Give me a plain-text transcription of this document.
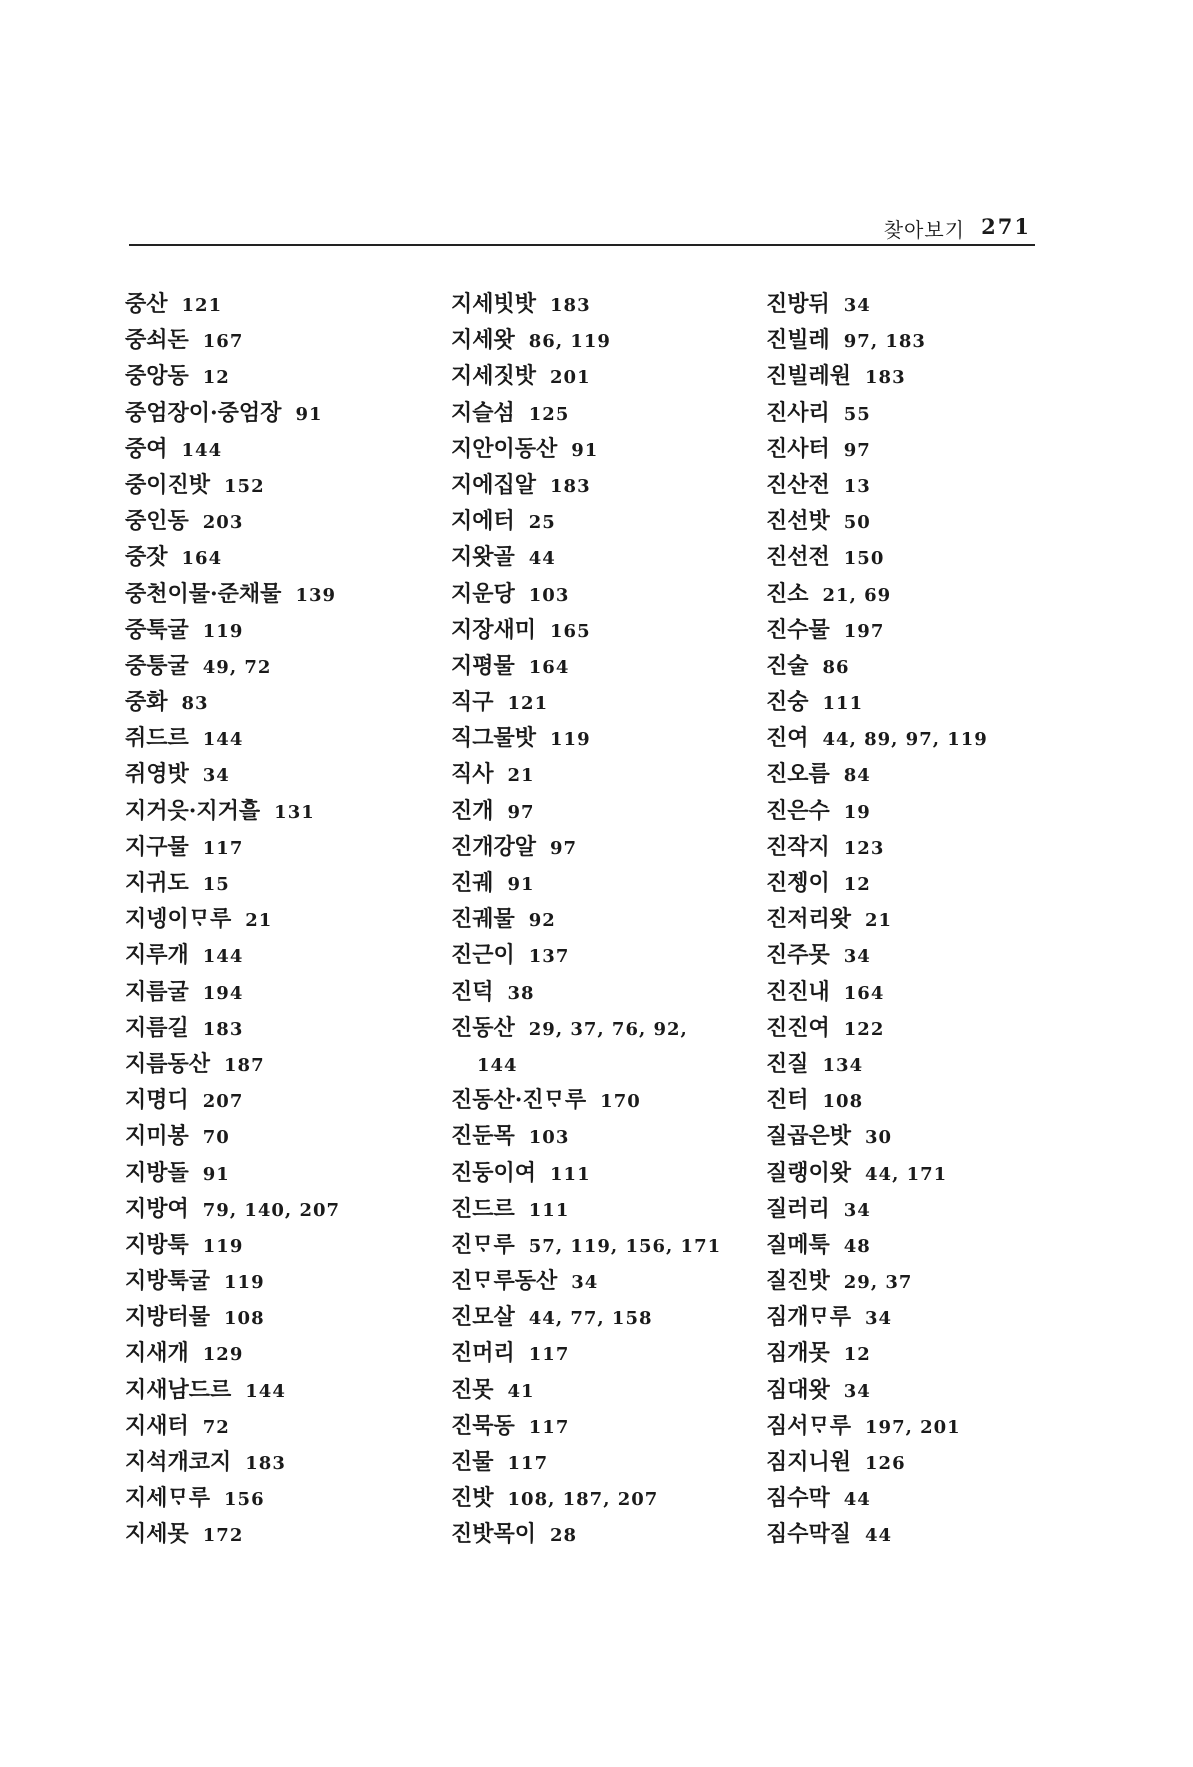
찾아보기 271
중산 121
중쇠돈 167
중앙동 12
중엄장이·중엄장 91
중여 144
중이진밧 152
중인동 203
중잣 164
중천이물·준채물 139
중툭굴 119
중퉁굴 49, 72
중화 83
쥐드르 144
쥐영밧 34
지거읏·지거흘 131
지구물 117
지귀도 15
지넹이ᄆᆞ루 21
지루개 144
지름굴 194
지름길 183
지름동산 187
지명디 207
지미봉 70
지방돌 91
지방여 79, 140, 207
지방툭 119
지방툭굴 119
지방터물 108
지새개 129
지새남드르 144
지새터 72
지석개코지 183
지세ᄆᆞ루 156
지세못 172
지세빗밧 183
지세왓 86, 119
지세짓밧 201
지슬섬 125
지안이동산 91
지에집알 183
지에터 25
지왓골 44
지운당 103
지장새미 165
지평물 164
직구 121
직그물밧 119
직사 21
진개 97
진개강알 97
진궤 91
진궤물 92
진근이 137
진덕 38
진동산 29, 37, 76, 92,
144
진동산·진ᄆᆞ루 170
진둔목 103
진둥이여 111
진드르 111
진ᄆᆞ루 57, 119, 156, 171
진ᄆᆞ루동산 34
진모살 44, 77, 158
진머리 117
진못 41
진묵동 117
진물 117
진밧 108, 187, 207
진밧목이 28
진방뒤 34
진빌레 97, 183
진빌레원 183
진사리 55
진사터 97
진산전 13
진선밧 50
진선전 150
진소 21, 69
진수물 197
진술 86
진숭 111
진여 44, 89, 97, 119
진오름 84
진은수 19
진작지 123
진젱이 12
진저리왓 21
진주못 34
진진내 164
진진여 122
진질 134
진터 108
질곱은밧 30
질랭이왓 44, 171
질러리 34
질메툭 48
질진밧 29, 37
짐개ᄆᆞ루 34
짐개못 12
짐대왓 34
짐서ᄆᆞ루 197, 201
짐지니원 126
짐수막 44
짐수막질 44
